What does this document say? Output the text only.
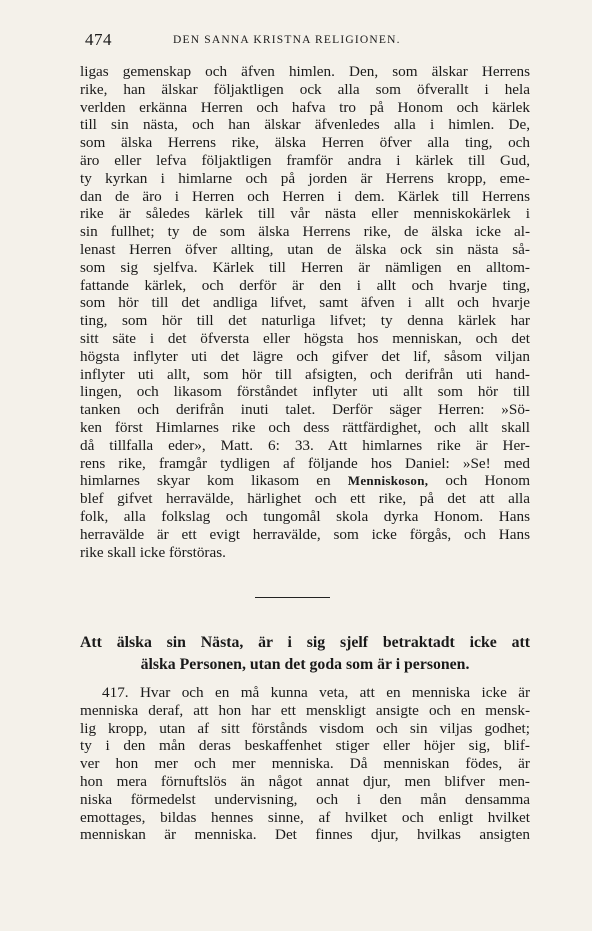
474	DEN SANNA KRISTNA RELIGIONEN.
ligas gemenskap och äfven himlen. Den, som älskar Herrens
rike, han älskar följaktligen ock alla som öfverallt i hela
verlden erkänna Herren och hafva tro på Honom och kärlek
till sin nästa, och han älskar äfvenledes alla i himlen. De,
som älska Herrens rike, älska Herren öfver alla ting, och
äro eller lefva följaktligen framför andra i kärlek till Gud,
ty kyrkan i himlarne och på jorden är Herrens kropp, eme-
dan de äro i Herren och Herren i dem. Kärlek till Herrens
rike är således kärlek till vår nästa eller menniskokärlek i
sin fullhet; ty de som älska Herrens rike, de älska icke al-
lenast Herren öfver allting, utan de älska ock sin nästa så-
som sig sjelfva. Kärlek till Herren är nämligen en alltom-
fattande kärlek, och derför är den i allt och hvarje ting,
som hör till det andliga lifvet, samt äfven i allt och hvarje
ting, som hör till det naturliga lifvet; ty denna kärlek har
sitt säte i det öfversta eller högsta hos menniskan, och det
högsta inflyter uti det lägre och gifver det lif, såsom viljan
inflyter uti allt, som hör till afsigten, och derifrån uti hand-
lingen, och likasom förståndet inflyter uti allt som hör till
tanken och derifrån inuti talet. Derför säger Herren: »Sö-
ken först Himlarnes rike och dess rättfärdighet, och allt skall
då tillfalla eder», Matt. 6: 33. Att himlarnes rike är Her-
rens rike, framgår tydligen af följande hos Daniel: »Se! med
himlarnes skyar kom likasom en Menniskoson, och Honom
blef gifvet herravälde, härlighet och ett rike, på det att alla
folk, alla folkslag och tungomål skola dyrka Honom. Hans
herravälde är ett evigt herravälde, som icke förgås, och Hans
rike skall icke förstöras.
Att älska sin Nästa, är i sig sjelf betraktadt icke att
älska Personen, utan det goda som är i personen.
417. Hvar och en må kunna veta, att en menniska icke är
menniska deraf, att hon har ett menskligt ansigte och en mensk-
lig kropp, utan af sitt förstånds visdom och sin viljas godhet;
ty i den mån deras beskaffenhet stiger eller höjer sig, blif-
ver hon mer och mer menniska. Då menniskan födes, är
hon mera förnuftslös än något annat djur, men blifver men-
niska förmedelst undervisning, och i den mån densamma
emottages, bildas hennes sinne, af hvilket och enligt hvilket
menniskan är menniska. Det finnes djur, hvilkas ansigten
